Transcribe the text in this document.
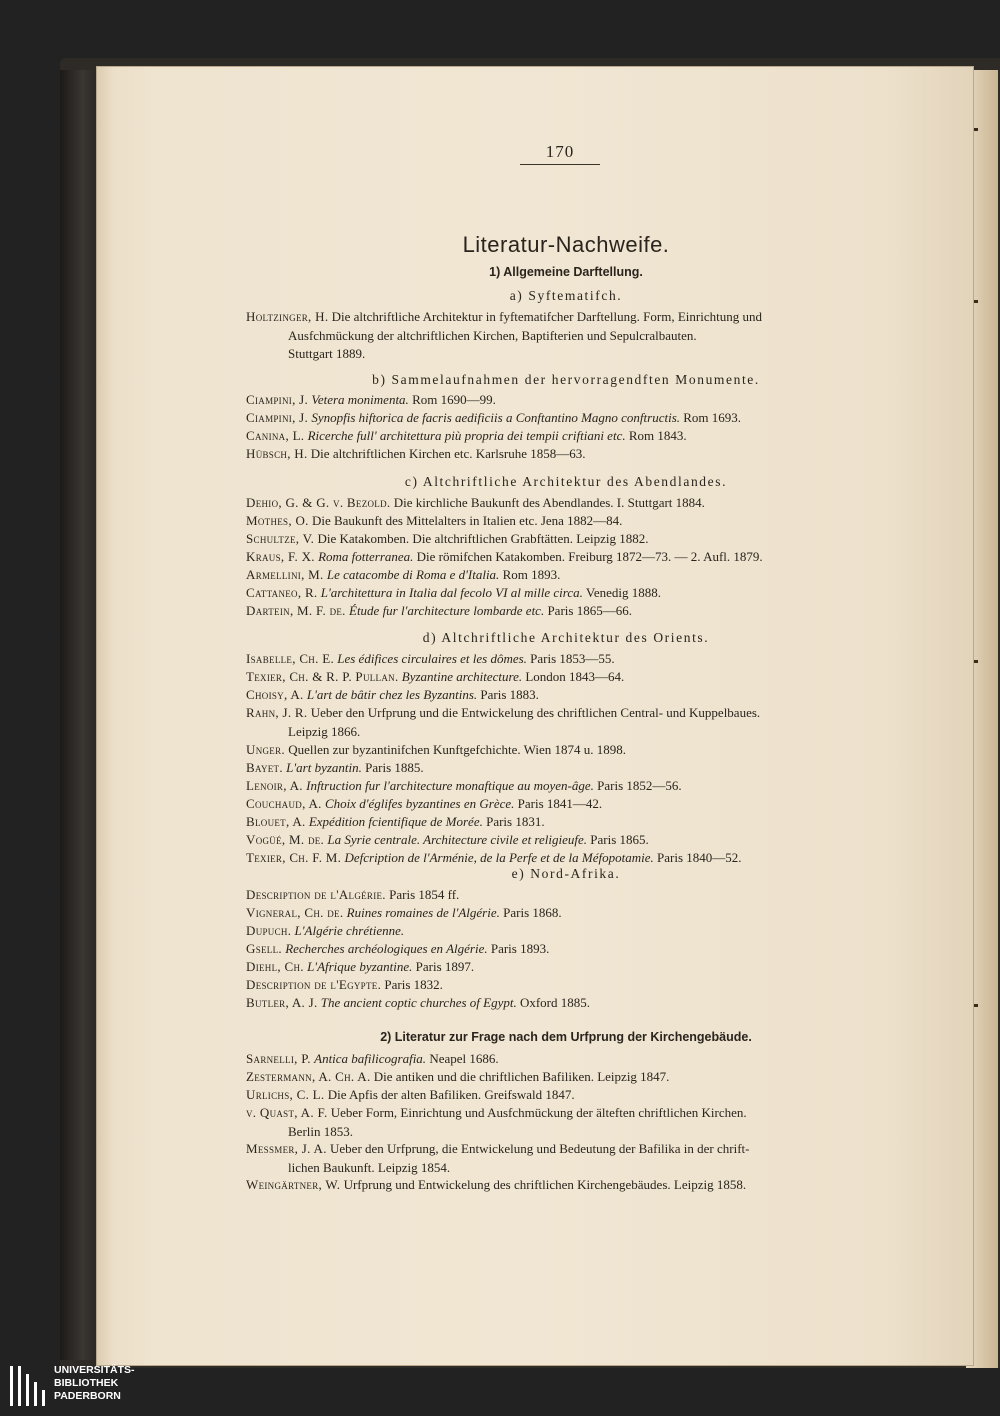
170
Literatur-Nachweife.
1) Allgemeine Darftellung.
a) Syftematifch.
Holtzinger, H. Die altchriftliche Architektur in fyftematifcher Darftellung. Form, Einrichtung und
Ausfchmückung der altchriftlichen Kirchen, Baptifterien und Sepulcralbauten.
Stuttgart 1889.
b) Sammelaufnahmen der hervorragendften Monumente.
Ciampini, J. Vetera monimenta. Rom 1690—99.
Ciampini, J. Synopfis hiftorica de facris aedificiis a Conftantino Magno conftructis. Rom 1693.
Canina, L. Ricerche full' architettura più propria dei tempii criftiani etc. Rom 1843.
Hübsch, H. Die altchriftlichen Kirchen etc. Karlsruhe 1858—63.
c) Altchriftliche Architektur des Abendlandes.
Dehio, G. & G. v. Bezold. Die kirchliche Baukunft des Abendlandes. I. Stuttgart 1884.
Mothes, O. Die Baukunft des Mittelalters in Italien etc. Jena 1882—84.
Schultze, V. Die Katakomben. Die altchriftlichen Grabftätten. Leipzig 1882.
Kraus, F. X. Roma fotterranea. Die römifchen Katakomben. Freiburg 1872—73. — 2. Aufl. 1879.
Armellini, M. Le catacombe di Roma e d'Italia. Rom 1893.
Cattaneo, R. L'architettura in Italia dal fecolo VI al mille circa. Venedig 1888.
Dartein, M. F. de. Étude fur l'architecture lombarde etc. Paris 1865—66.
d) Altchriftliche Architektur des Orients.
Isabelle, Ch. E. Les édifices circulaires et les dômes. Paris 1853—55.
Texier, Ch. & R. P. Pullan. Byzantine architecture. London 1843—64.
Choisy, A. L'art de bâtir chez les Byzantins. Paris 1883.
Rahn, J. R. Ueber den Urfprung und die Entwickelung des chriftlichen Central- und Kuppelbaues.
Leipzig 1866.
Unger. Quellen zur byzantinifchen Kunftgefchichte. Wien 1874 u. 1898.
Bayet. L'art byzantin. Paris 1885.
Lenoir, A. Inftruction fur l'architecture monaftique au moyen-âge. Paris 1852—56.
Couchaud, A. Choix d'églifes byzantines en Grèce. Paris 1841—42.
Blouet, A. Expédition fcientifique de Morée. Paris 1831.
Vogüé, M. de. La Syrie centrale. Architecture civile et religieufe. Paris 1865.
Texier, Ch. F. M. Defcription de l'Arménie, de la Perfe et de la Méfopotamie. Paris 1840—52.
e) Nord-Afrika.
Description de l'Algérie. Paris 1854 ff.
Vigneral, Ch. de. Ruines romaines de l'Algérie. Paris 1868.
Dupuch. L'Algérie chrétienne.
Gsell. Recherches archéologiques en Algérie. Paris 1893.
Diehl, Ch. L'Afrique byzantine. Paris 1897.
Description de l'Egypte. Paris 1832.
Butler, A. J. The ancient coptic churches of Egypt. Oxford 1885.
2) Literatur zur Frage nach dem Urfprung der Kirchengebäude.
Sarnelli, P. Antica bafilicografia. Neapel 1686.
Zestermann, A. Ch. A. Die antiken und die chriftlichen Bafiliken. Leipzig 1847.
Urlichs, C. L. Die Apfis der alten Bafiliken. Greifswald 1847.
v. Quast, A. F. Ueber Form, Einrichtung und Ausfchmückung der älteften chriftlichen Kirchen.
Berlin 1853.
Messmer, J. A. Ueber den Urfprung, die Entwickelung und Bedeutung der Bafilika in der chrift-
lichen Baukunft. Leipzig 1854.
Weingärtner, W. Urfprung und Entwickelung des chriftlichen Kirchengebäudes. Leipzig 1858.
UNIVERSITÄTS-
BIBLIOTHEK
PADERBORN
